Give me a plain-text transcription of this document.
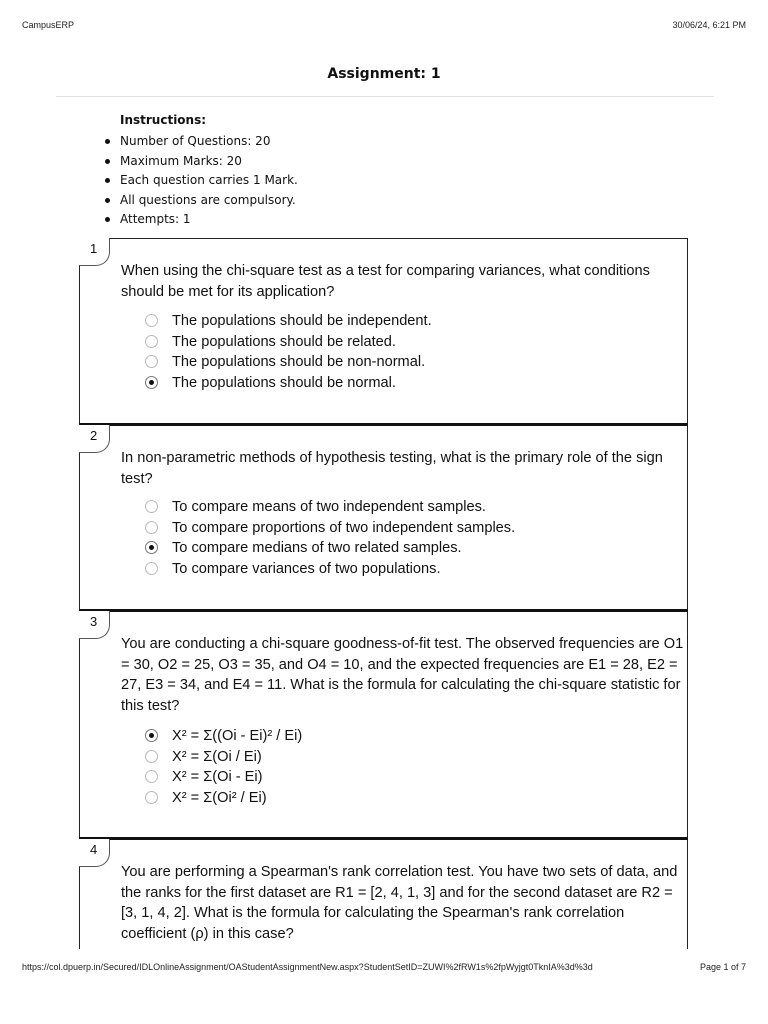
CampusERP	30/06/24, 6:21 PM
Assignment: 1
Instructions:
Number of Questions: 20
Maximum Marks: 20
Each question carries 1 Mark.
All questions are compulsory.
Attempts: 1
1
When using the chi-square test as a test for comparing variances, what conditions should be met for its application?
The populations should be independent.
The populations should be related.
The populations should be non-normal.
The populations should be normal.
2
In non-parametric methods of hypothesis testing, what is the primary role of the sign test?
To compare means of two independent samples.
To compare proportions of two independent samples.
To compare medians of two related samples.
To compare variances of two populations.
3
You are conducting a chi-square goodness-of-fit test. The observed frequencies are O1 = 30, O2 = 25, O3 = 35, and O4 = 10, and the expected frequencies are E1 = 28, E2 = 27, E3 = 34, and E4 = 11. What is the formula for calculating the chi-square statistic for this test?
X² = Σ((Oi - Ei)² / Ei)
X² = Σ(Oi / Ei)
X² = Σ(Oi - Ei)
X² = Σ(Oi² / Ei)
4
You are performing a Spearman's rank correlation test. You have two sets of data, and the ranks for the first dataset are R1 = [2, 4, 1, 3] and for the second dataset are R2 = [3, 1, 4, 2]. What is the formula for calculating the Spearman's rank correlation coefficient (ρ) in this case?
https://col.dpuerp.in/Secured/IDLOnlineAssignment/OAStudentAssignmentNew.aspx?StudentSetID=ZUWI%2fRW1s%2fpWyjgt0TknIA%3d%3d	Page 1 of 7
